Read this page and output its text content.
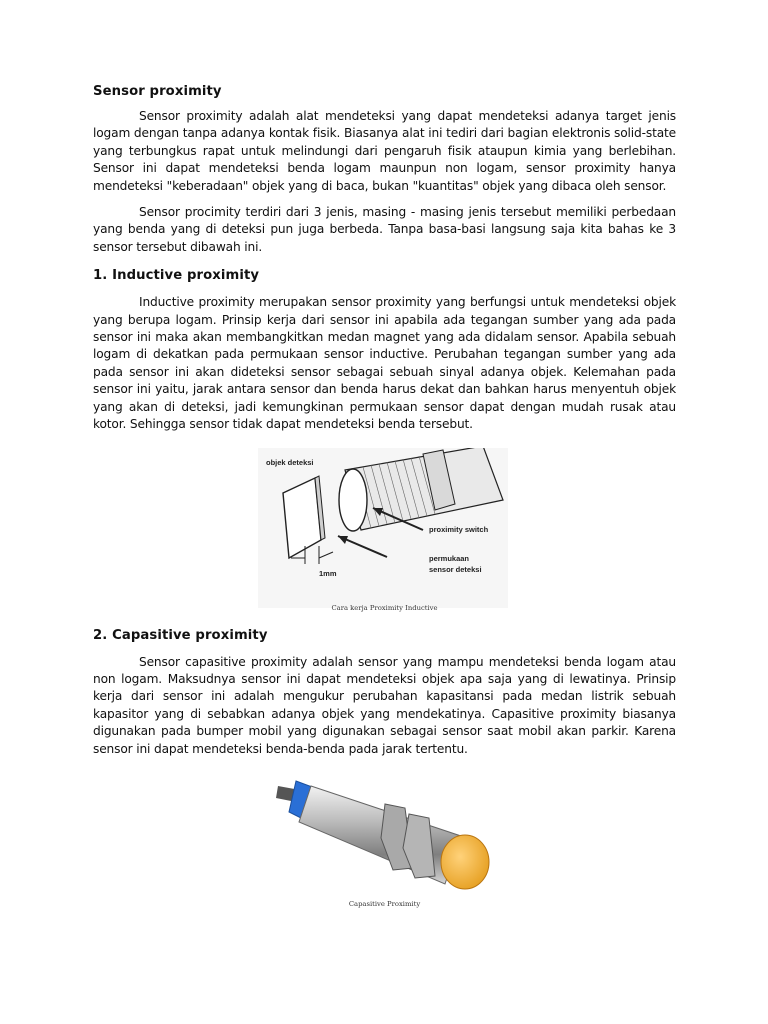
Sensor proximity

Sensor proximity adalah alat mendeteksi yang dapat mendeteksi adanya target jenis logam dengan tanpa adanya kontak fisik. Biasanya alat ini tediri dari bagian elektronis solid-state yang terbungkus rapat untuk melindungi dari pengaruh fisik ataupun kimia yang berlebihan. Sensor ini dapat mendeteksi benda logam maunpun non logam, sensor proximity hanya mendeteksi "keberadaan" objek yang di baca, bukan "kuantitas" objek yang dibaca oleh sensor.

Sensor procimity terdiri dari 3 jenis, masing - masing jenis tersebut memiliki perbedaan yang benda yang di deteksi pun juga berbeda. Tanpa basa-basi langsung saja kita bahas ke 3 sensor tersebut dibawah ini.

1. Inductive proximity

Inductive proximity merupakan sensor proximity yang berfungsi untuk mendeteksi objek yang berupa logam. Prinsip kerja dari sensor ini apabila ada tegangan sumber yang ada pada sensor ini maka akan membangkitkan medan magnet yang ada didalam sensor. Apabila sebuah logam di dekatkan pada permukaan sensor inductive. Perubahan tegangan sumber yang ada pada sensor ini akan dideteksi sensor sebagai sebuah sinyal adanya objek. Kelemahan pada sensor ini yaitu, jarak antara sensor dan benda harus dekat dan bahkan harus menyentuh objek yang akan di deteksi, jadi kemungkinan permukaan sensor dapat dengan mudah rusak atau kotor. Sehingga sensor tidak dapat mendeteksi benda tersebut.

objek deteksi
proximity switch
permukaan
sensor deteksi
1mm
Cara kerja Proximity Inductive
2. Capasitive proximity

Sensor capasitive proximity adalah sensor yang mampu mendeteksi benda logam atau non logam. Maksudnya sensor ini dapat mendeteksi objek apa saja yang di lewatinya. Prinsip kerja dari sensor ini adalah mengukur perubahan kapasitansi pada medan listrik sebuah kapasitor yang di sebabkan adanya objek yang mendekatinya. Capasitive proximity biasanya digunakan pada bumper mobil yang digunakan sebagai sensor saat mobil akan parkir. Karena sensor ini dapat mendeteksi benda-benda pada jarak tertentu.

Capasitive Proximity
